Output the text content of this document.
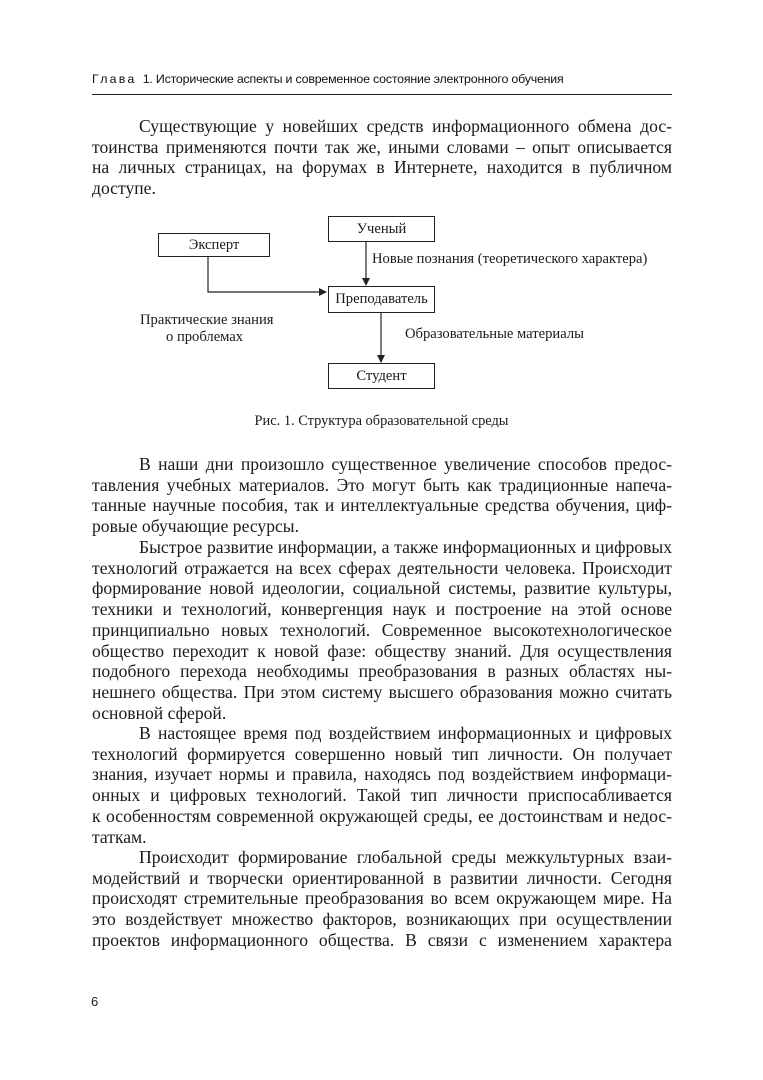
Глава 1. Исторические аспекты и современное состояние электронного обучения
Существующие у новейших средств информационного обмена дос-
тоинства применяются почти так же, иными словами – опыт описывается
на личных страницах, на форумах в Интернете, находится в публичном
доступе.
Эксперт
Ученый
Преподаватель
Студент
Новые познания (теоретического характера)
Практические знания
о проблемах	Образовательные материалы
Рис. 1. Структура образовательной среды
В наши дни произошло существенное увеличение способов предос-
тавления учебных материалов. Это могут быть как традиционные напеча-
танные научные пособия, так и интеллектуальные средства обучения, циф-
ровые обучающие ресурсы.
Быстрое развитие информации, а также информационных и цифровых
технологий отражается на всех сферах деятельности человека. Происходит
формирование новой идеологии, социальной системы, развитие культуры,
техники и технологий, конвергенция наук и построение на этой основе
принципиально новых технологий. Современное высокотехнологическое
общество переходит к новой фазе: обществу знаний. Для осуществления
подобного перехода необходимы преобразования в разных областях ны-
нешнего общества. При этом систему высшего образования можно считать
основной сферой.
В настоящее время под воздействием информационных и цифровых
технологий формируется совершенно новый тип личности. Он получает
знания, изучает нормы и правила, находясь под воздействием информаци-
онных и цифровых технологий. Такой тип личности приспосабливается
к особенностям современной окружающей среды, ее достоинствам и недос-
таткам.
Происходит формирование глобальной среды межкультурных взаи-
модействий и творчески ориентированной в развитии личности. Сегодня
происходят стремительные преобразования во всем окружающем мире. На
это воздействует множество факторов, возникающих при осуществлении
проектов информационного общества. В связи с изменением характера
6
